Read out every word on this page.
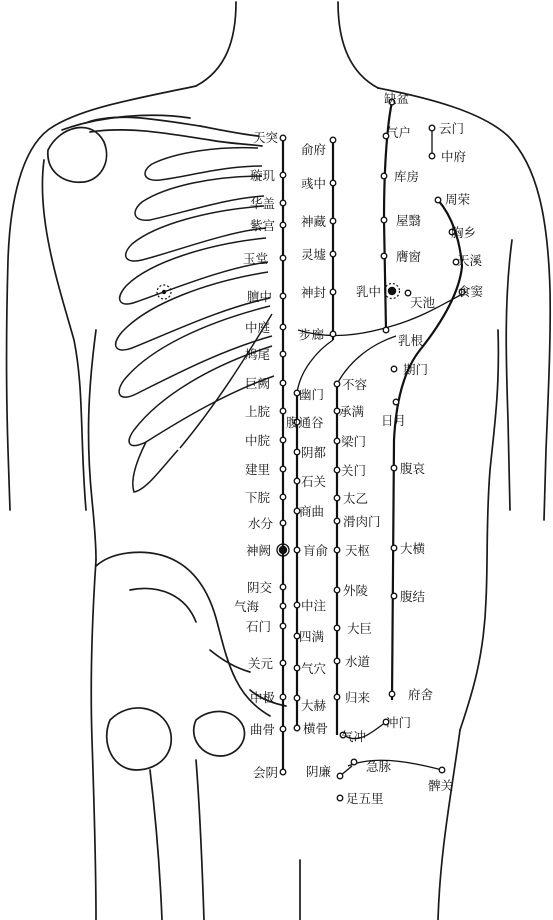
天突
璇玑
华盖
紫宫
玉堂
膻中
中庭
鸠尾
巨阙
上脘
中脘
建里
下脘
水分
神阙
阴交
气海
石门
关元
中极
曲骨
会阴
俞府
彧中
神藏
灵墟
神封
步廊
幽门
腹通谷
阴都
石关
商曲
肓俞
中注
四满
气穴
大赫
横骨
缺盆
气户
库房
屋翳
膺窗
乳中
乳根
不容
承满
梁门
关门
太乙
滑肉门
天枢
外陵
大巨
水道
归来
气冲
云门
中府
周荣
胸乡
天溪
食窦
天池
期门
日月
腹哀
大横
腹结
府舍
冲门
阴廉	急脉
足五里
髀关
